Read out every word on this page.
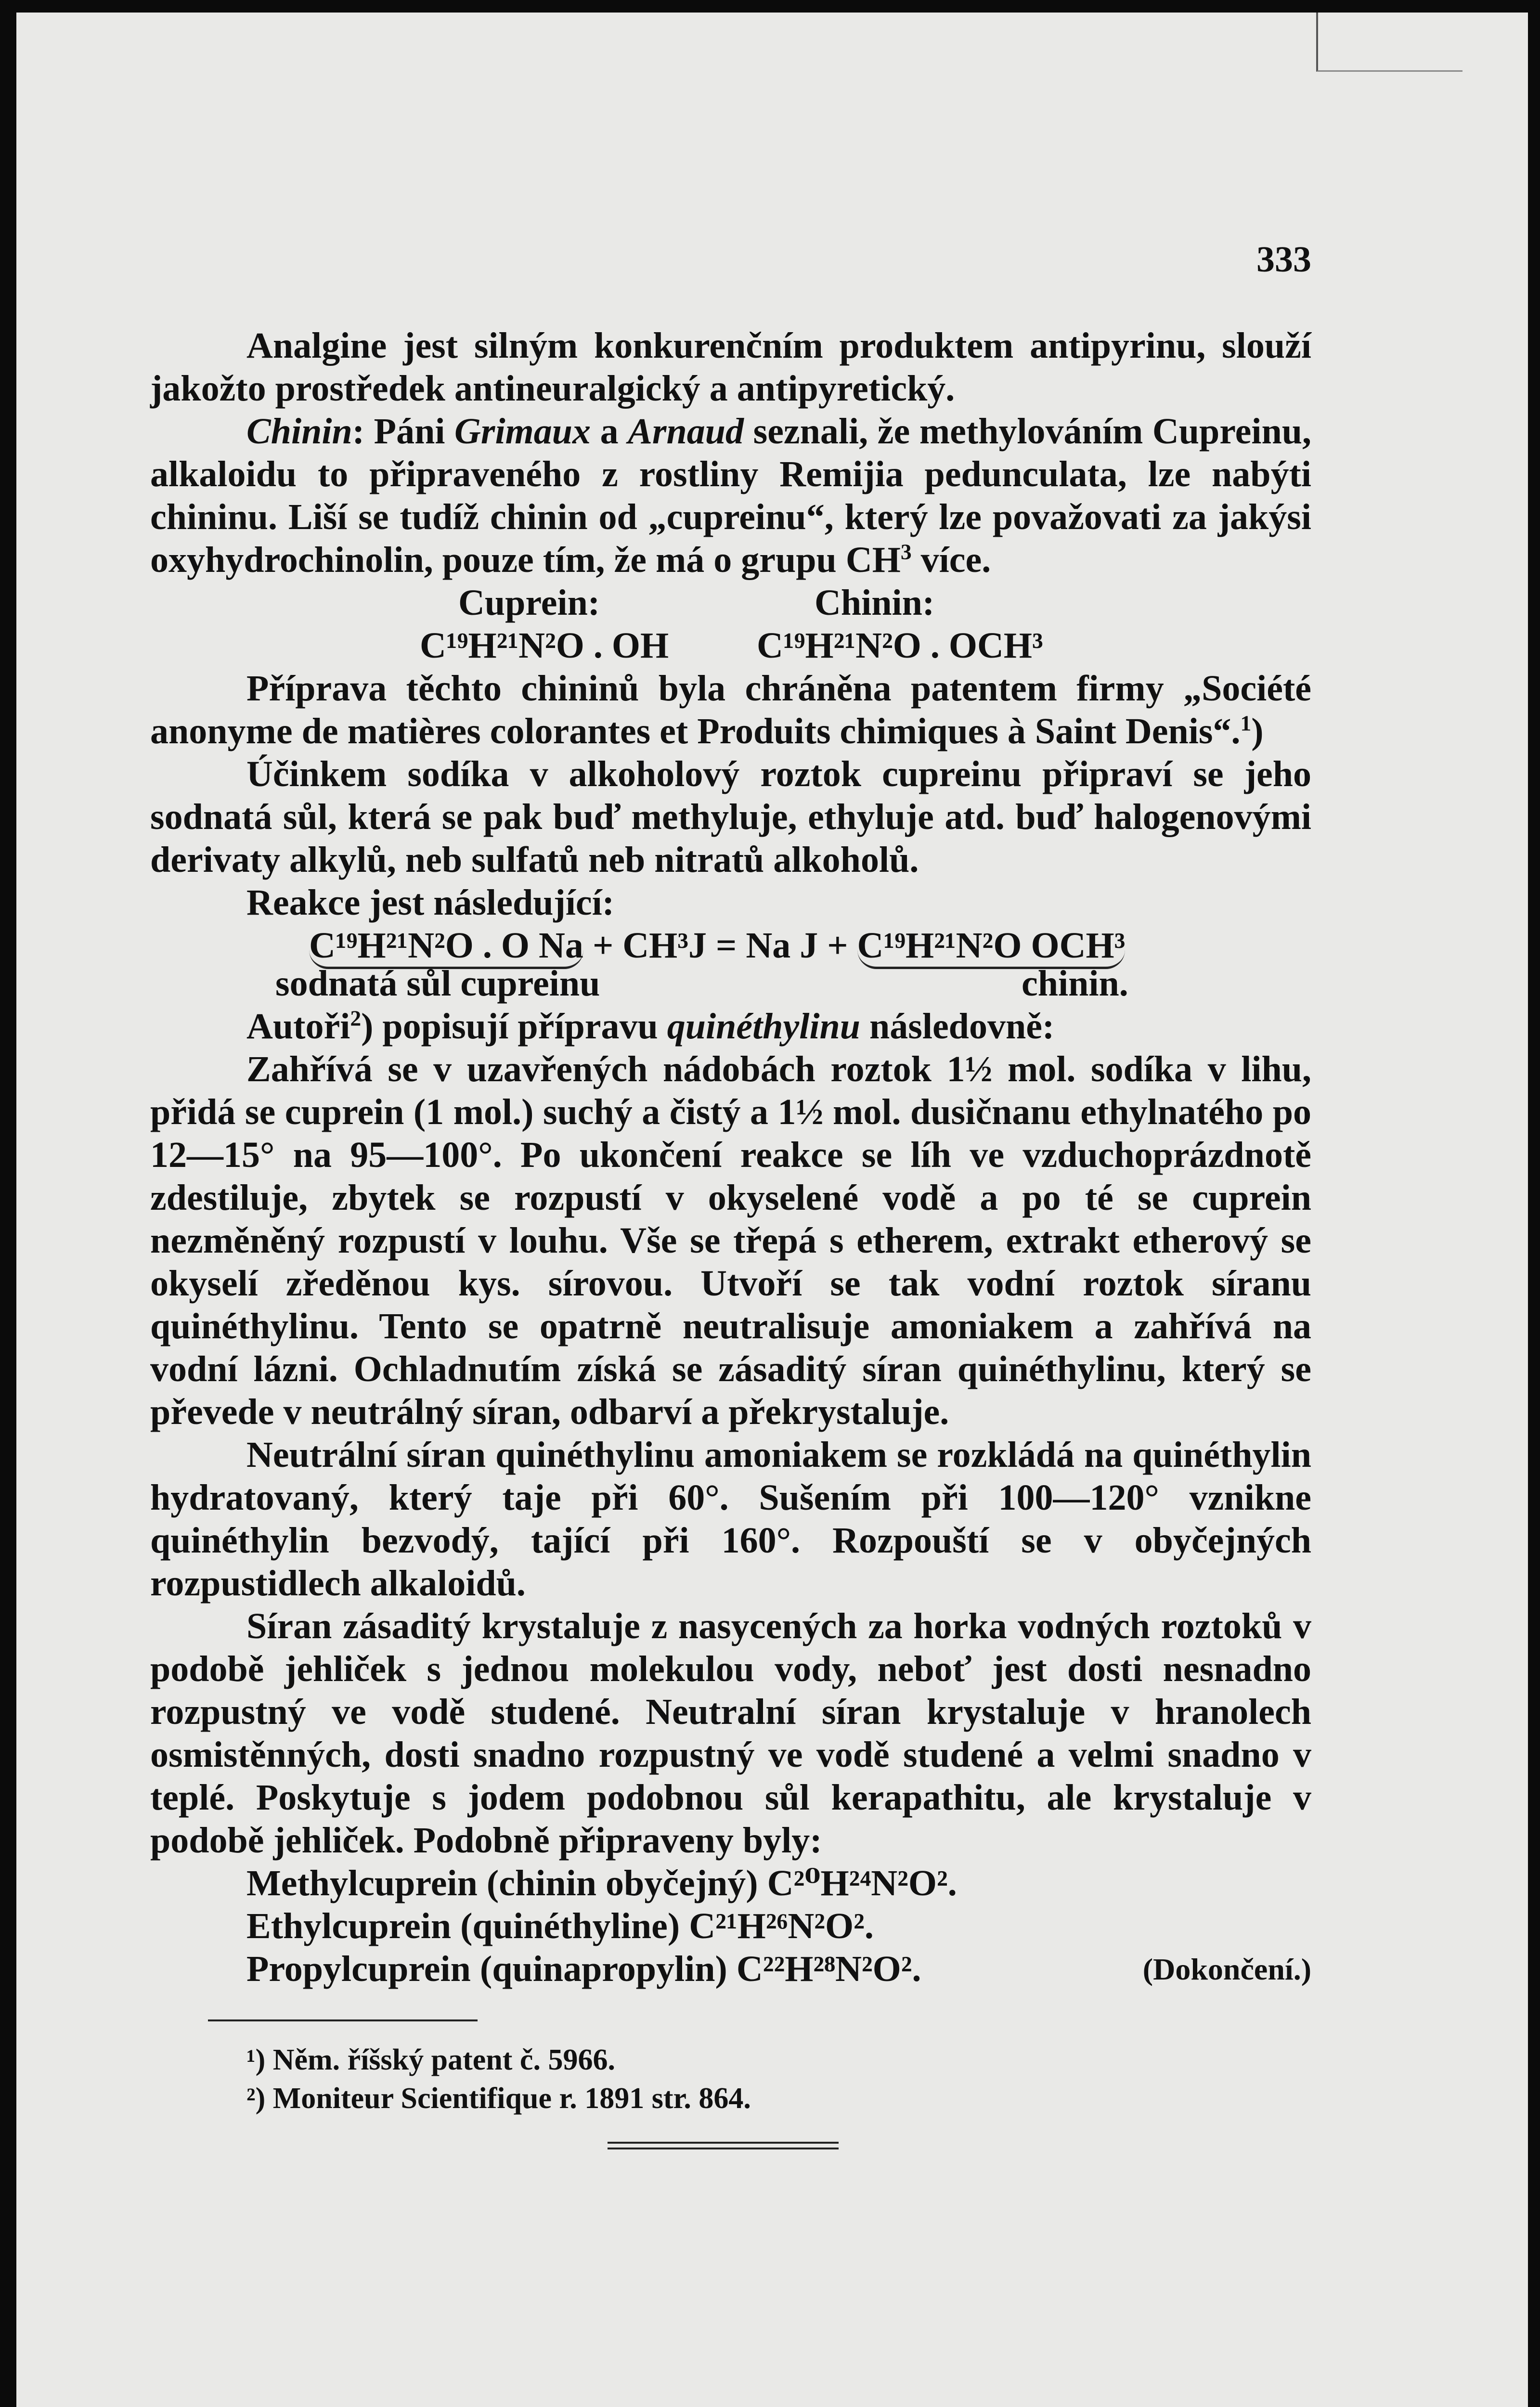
333

Analgine jest silným konkurenčním produktem antipyrinu, slouží jakožto prostředek antineuralgický a antipyretický.

Chinin: Páni Grimaux a Arnaud seznali, že methylováním Cupreinu, alkaloidu to připraveného z rostliny Remijia pedunculata, lze nabýti chininu. Liší se tudíž chinin od „cupreinu“, který lze považovati za jakýsi oxyhydrochinolin, pouze tím, že má o grupu $CH^3$ více.

Cuprein:	Chinin:
C¹⁹H²¹N²O . OH C¹⁹H²¹N²O . OCH³

Příprava těchto chininů byla chráněna patentem firmy „Société anonyme de matières colorantes et Produits chimiques à Saint Denis“.$^1$)

Účinkem sodíka v alkoholový roztok cupreinu připraví se jeho sodnatá sůl, která se pak buď methyluje, ethyluje atd. buď halogenovými derivaty alkylů, neb sulfatů neb nitratů alkoholů.

Reakce jest následující:

C¹⁹H²¹N²O . O Na + CH³J = Na J + C¹⁹H²¹N²O OCH³
sodnatá sůl cupreinu	chinin.

Autoři$^2$) popisují přípravu quinéthylinu následovně:

Zahřívá se v uzavřených nádobách roztok 1½ mol. sodíka v lihu, přidá se cuprein (1 mol.) suchý a čistý a 1½ mol. dusičnanu ethylnatého po 12—15° na 95—100°. Po ukončení reakce se líh ve vzduchoprázdnotě zdestiluje, zbytek se rozpustí v okyselené vodě a po té se cuprein nezměněný rozpustí v louhu. Vše se třepá s etherem, extrakt etherový se okyselí zředěnou kys. sírovou. Utvoří se tak vodní roztok síranu quinéthylinu. Tento se opatrně neutralisuje amoniakem a zahřívá na vodní lázni. Ochladnutím získá se zásaditý síran quinéthylinu, který se převede v neutrálný síran, odbarví a překrystaluje.

Neutrální síran quinéthylinu amoniakem se rozkládá na quinéthylin hydratovaný, který taje při 60°. Sušením při 100—120° vznikne quinéthylin bezvodý, tající při 160°. Rozpouští se v obyčejných rozpustidlech alkaloidů.

Síran zásaditý krystaluje z nasycených za horka vodných roztoků v podobě jehliček s jednou molekulou vody, neboť jest dosti nesnadno rozpustný ve vodě studené. Neutralní síran krystaluje v hranolech osmistěnných, dosti snadno rozpustný ve vodě studené a velmi snadno v teplé. Poskytuje s jodem podobnou sůl kerapathitu, ale krystaluje v podobě jehliček. Podobně připraveny byly:

Methylcuprein (chinin obyčejný) C²⁰H²⁴N²O².
Ethylcuprein (quinéthyline) C²¹H²⁶N²O².
Propylcuprein (quinapropylin) C²²H²⁸N²O².	(Dokončení.)
¹) Něm. říšský patent č. 5966.
²) Moniteur Scientifique r. 1891 str. 864.
